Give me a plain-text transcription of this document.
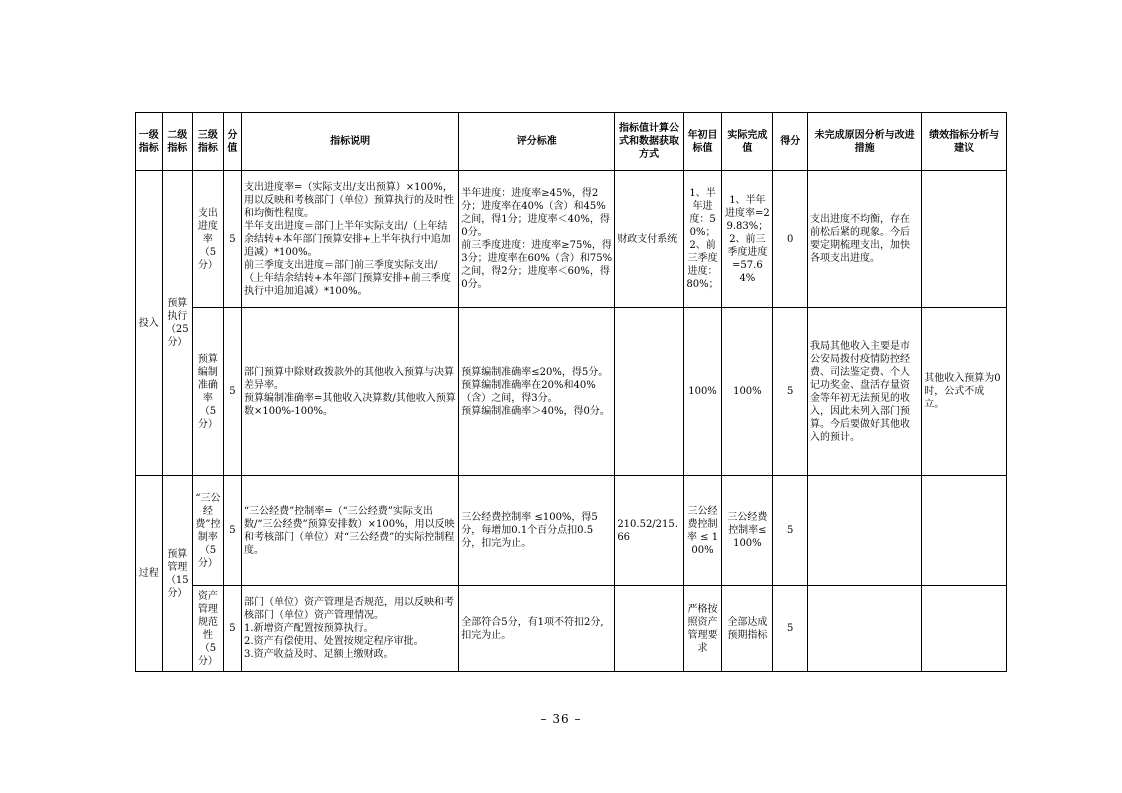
一级指标	二级指标	三级指标	分值	指标说明	评分标准	指标值计算公式和数据获取方式	年初目标值	实际完成值	得分	未完成原因分析与改进措施	绩效指标分析与建议
投入	预算执行（25分）	支出进度率（5分）	5	支出进度率=（实际支出/支出预算）×100%，用以反映和考核部门（单位）预算执行的及时性和均衡性程度。
半年支出进度＝部门上半年实际支出/（上年结余结转+本年部门预算安排+上半年执行中追加追减）*100%。
前三季度支出进度＝部门前三季度实际支出/（上年结余结转+本年部门预算安排+前三季度执行中追加追减）*100%。	半年进度：进度率≥45%，得2分；进度率在40%（含）和45%之间，得1分；进度率＜40%，得0分。
前三季度进度：进度率≥75%，得3分；进度率在60%（含）和75%之间，得2分；进度率＜60%，得0分。	财政支付系统	1、半年进度：50%；2、前三季度进度：80%；	1、半年进度率=29.83%；2、前三季度进度=57.64%	0	支出进度不均衡，存在前松后紧的现象。今后要定期梳理支出，加快各项支出进度。	
		预算编制准确率（5分）	5	部门预算中除财政拨款外的其他收入预算与决算差异率。
预算编制准确率=其他收入决算数/其他收入预算数×100%-100%。	预算编制准确率≤20%，得5分。
预算编制准确率在20%和40%（含）之间，得3分。
预算编制准确率＞40%，得0分。		100%	100%	5	我局其他收入主要是市公安局拨付疫情防控经费、司法鉴定费、个人记功奖金、盘活存量资金等年初无法预见的收入，因此未列入部门预算。今后要做好其他收入的预计。	其他收入预算为0时，公式不成立。
过程	预算管理（15分）	“三公经费”控制率（5分）	5	“三公经费”控制率=（“三公经费”实际支出数/“三公经费”预算安排数）×100%，用以反映和考核部门（单位）对“三公经费”的实际控制程度。	三公经费控制率 ≤100%，得5分，每增加0.1个百分点扣0.5分，扣完为止。	210.52/215.66	三公经费控制率 ≤ 100%	三公经费控制率≤ 100%	5		
		资产管理规范性（5分）	5	部门（单位）资产管理是否规范，用以反映和考核部门（单位）资产管理情况。
1.新增资产配置按预算执行。
2.资产有偿使用、处置按规定程序审批。
3.资产收益及时、足额上缴财政。	全部符合5分，有1项不符扣2分,扣完为止。		严格按照资产管理要求	全部达成预期指标	5		
– 36 –
